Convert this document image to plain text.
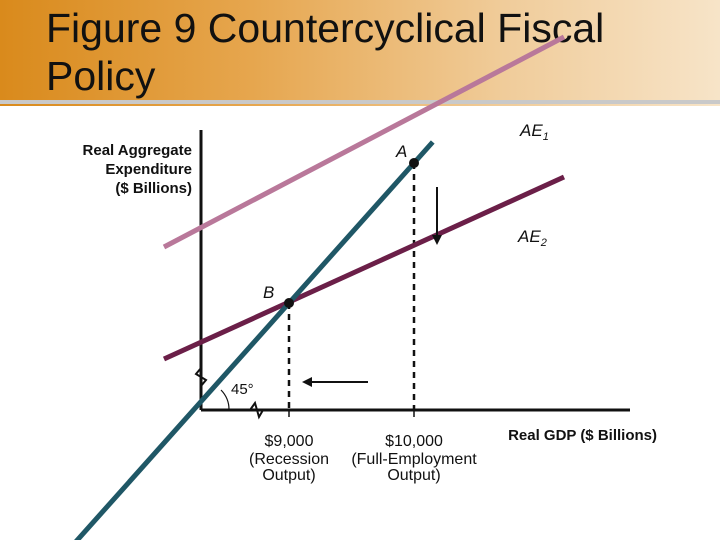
Figure 9 Countercyclical Fiscal Policy
Real Aggregate
Expenditure
($ Billions)
$AE_1$
$AE_2$
A
B
45°
$9,000
(Recession
Output)
$10,000
(Full-Employment
Output)
Real GDP ($ Billions)
